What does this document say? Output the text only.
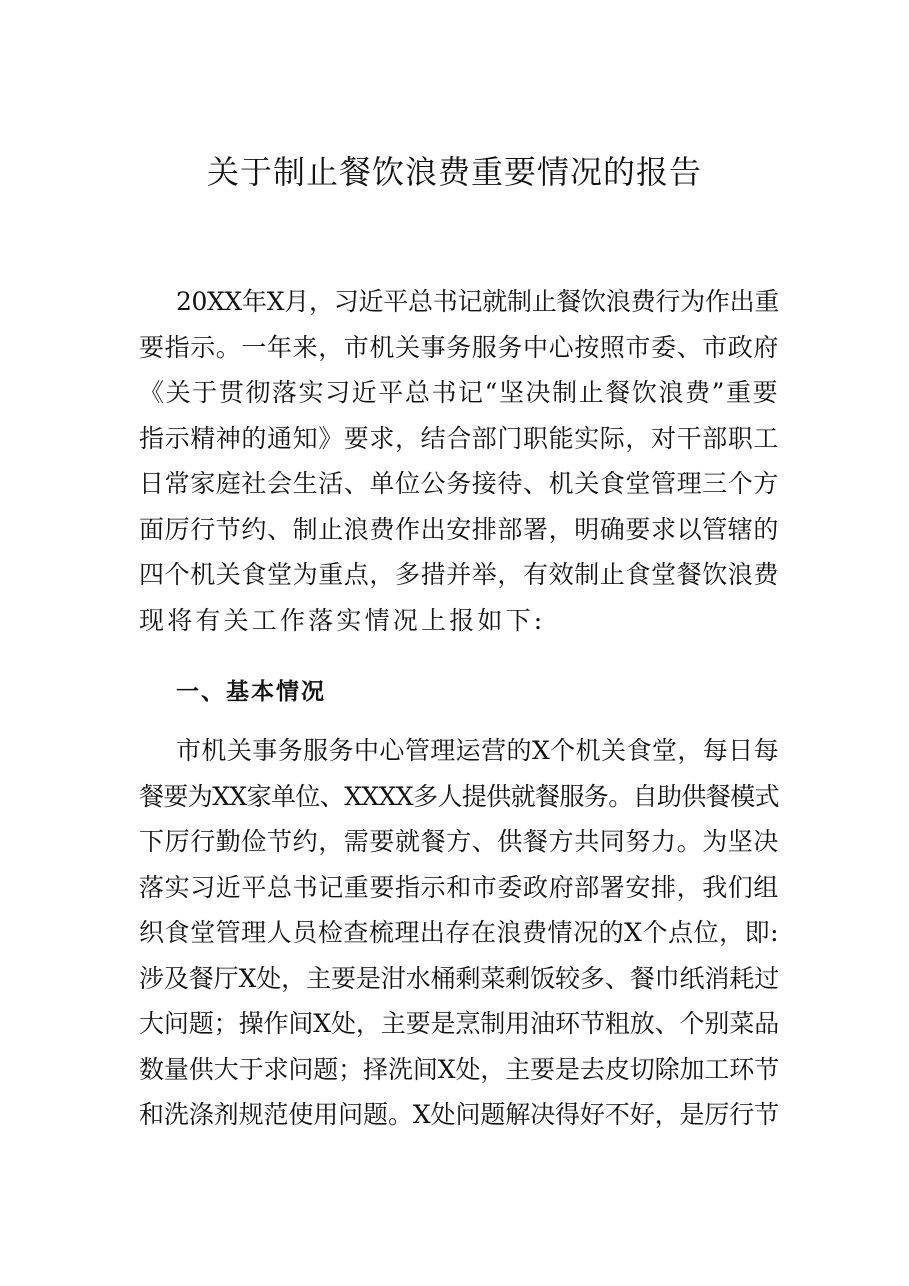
关于制止餐饮浪费重要情况的报告
20XX年X月，习近平总书记就制止餐饮浪费行为作出重
要指示。一年来，市机关事务服务中心按照市委、市政府
《关于贯彻落实习近平总书记“坚决制止餐饮浪费”重要
指示精神的通知》要求，结合部门职能实际，对干部职工
日常家庭社会生活、单位公务接待、机关食堂管理三个方
面厉行节约、制止浪费作出安排部署，明确要求以管辖的
四个机关食堂为重点，多措并举，有效制止食堂餐饮浪费
现将有关工作落实情况上报如下:
一、基本情况
市机关事务服务中心管理运营的X个机关食堂，每日每
餐要为XX家单位、XXXX多人提供就餐服务。自助供餐模式
下厉行勤俭节约，需要就餐方、供餐方共同努力。为坚决
落实习近平总书记重要指示和市委政府部署安排，我们组
织食堂管理人员检查梳理出存在浪费情况的X个点位，即:
涉及餐厅X处，主要是泔水桶剩菜剩饭较多、餐巾纸消耗过
大问题；操作间X处，主要是烹制用油环节粗放、个别菜品
数量供大于求问题；择洗间X处，主要是去皮切除加工环节
和洗涤剂规范使用问题。X处问题解决得好不好，是厉行节
